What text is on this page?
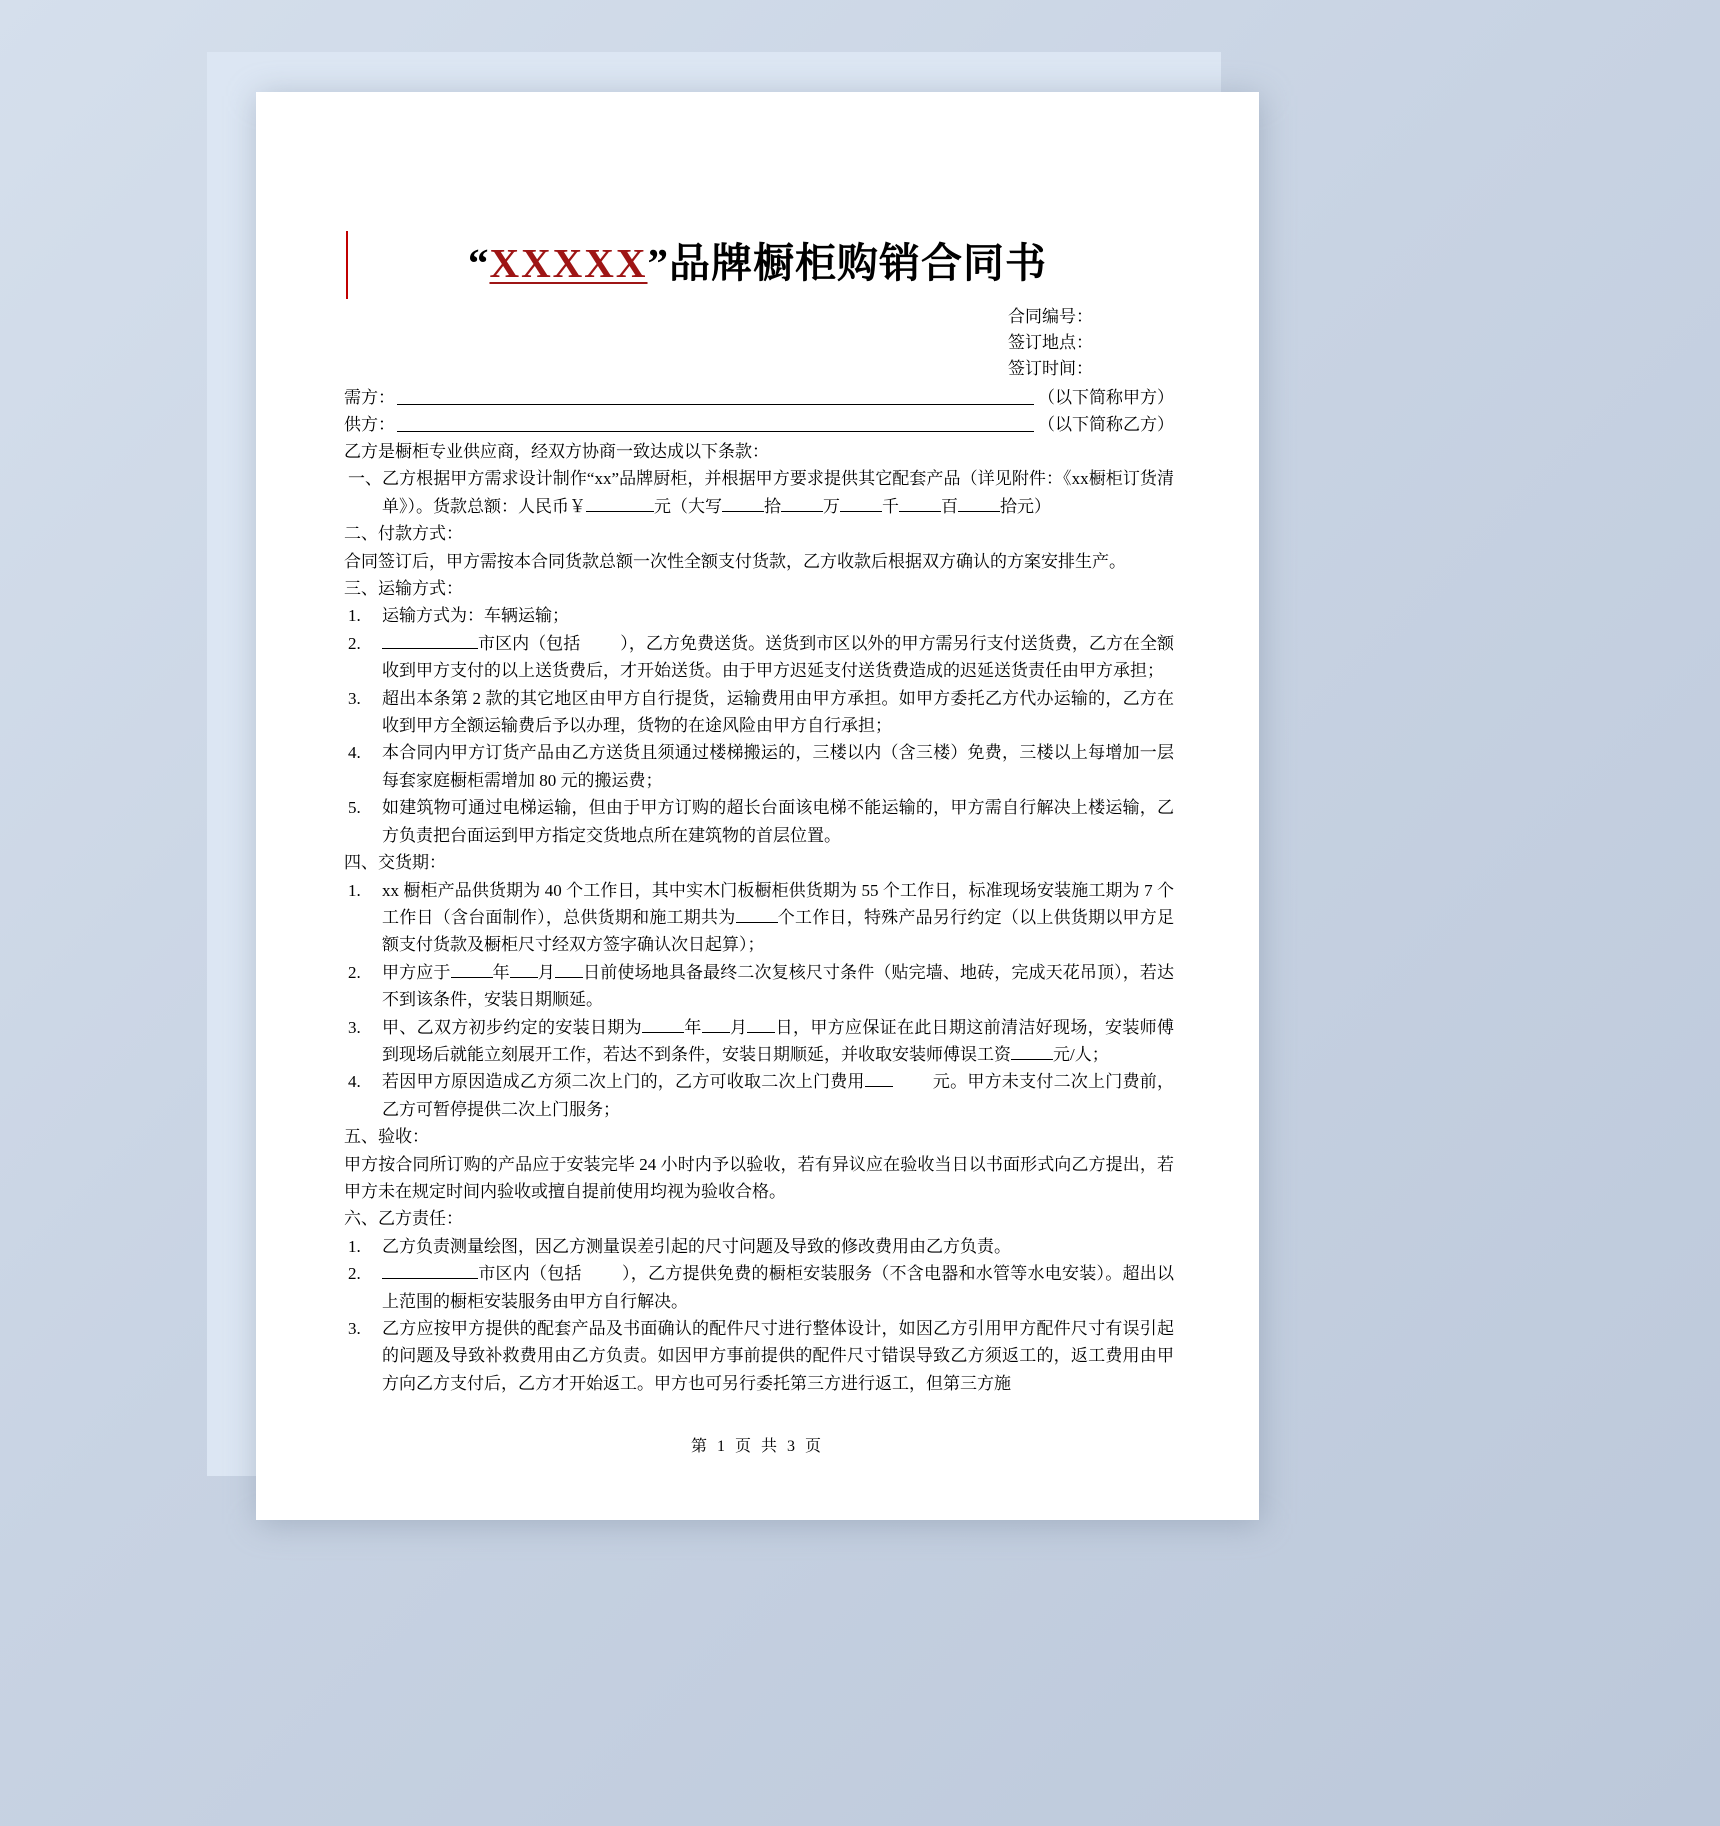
“XXXXX”品牌橱柜购销合同书
合同编号：
签订地点：
签订时间：
需方：	（以下简称甲方）
供方：	（以下简称乙方）

乙方是橱柜专业供应商，经双方协商一致达成以下条款：

一、 乙方根据甲方需求设计制作“xx”品牌厨柜，并根据甲方要求提供其它配套产品（详见附件：《xx橱柜订货清单》）。货款总额：人民币￥	元（大写 拾 万 千 百 拾元）

二、付款方式：

合同签订后，甲方需按本合同货款总额一次性全额支付货款，乙方收款后根据双方确认的方案安排生产。

三、运输方式：

1.	运输方式为：车辆运输；
2.	市区内（包括 ），乙方免费送货。送货到市区以外的甲方需另行支付送货费，乙方在全额收到甲方支付的以上送货费后，才开始送货。由于甲方迟延支付送货费造成的迟延送货责任由甲方承担；
3.	超出本条第 2 款的其它地区由甲方自行提货，运输费用由甲方承担。如甲方委托乙方代办运输的，乙方在收到甲方全额运输费后予以办理，货物的在途风险由甲方自行承担；
4.	本合同内甲方订货产品由乙方送货且须通过楼梯搬运的，三楼以内（含三楼）免费，三楼以上每增加一层每套家庭橱柜需增加 80 元的搬运费；
5.	如建筑物可通过电梯运输，但由于甲方订购的超长台面该电梯不能运输的，甲方需自行解决上楼运输，乙方负责把台面运到甲方指定交货地点所在建筑物的首层位置。

四、交货期：

1.	xx 橱柜产品供货期为 40 个工作日，其中实木门板橱柜供货期为 55 个工作日，标准现场安装施工期为 7 个工作日（含台面制作），总供货期和施工期共为 个工作日，特殊产品另行约定（以上供货期以甲方足额支付货款及橱柜尺寸经双方签字确认次日起算）；
2.	甲方应于 年 月 日前使场地具备最终二次复核尺寸条件（贴完墙、地砖，完成天花吊顶），若达不到该条件，安装日期顺延。
3.	甲、乙双方初步约定的安装日期为 年 月 日，甲方应保证在此日期这前清洁好现场，安装师傅到现场后就能立刻展开工作，若达不到条件，安装日期顺延，并收取安装师傅误工资 元/人；
4.	若因甲方原因造成乙方须二次上门的，乙方可收取二次上门费用	元。甲方未支付二次上门费前，乙方可暂停提供二次上门服务；

五、验收：

甲方按合同所订购的产品应于安装完毕 24 小时内予以验收，若有异议应在验收当日以书面形式向乙方提出，若甲方未在规定时间内验收或擅自提前使用均视为验收合格。

六、乙方责任：

1.	乙方负责测量绘图，因乙方测量误差引起的尺寸问题及导致的修改费用由乙方负责。
2.	市区内（包括 ），乙方提供免费的橱柜安装服务（不含电器和水管等水电安装）。超出以上范围的橱柜安装服务由甲方自行解决。
3.	乙方应按甲方提供的配套产品及书面确认的配件尺寸进行整体设计，如因乙方引用甲方配件尺寸有误引起的问题及导致补救费用由乙方负责。如因甲方事前提供的配件尺寸错误导致乙方须返工的，返工费用由甲方向乙方支付后，乙方才开始返工。甲方也可另行委托第三方进行返工，但第三方施
第 1 页 共 3 页
